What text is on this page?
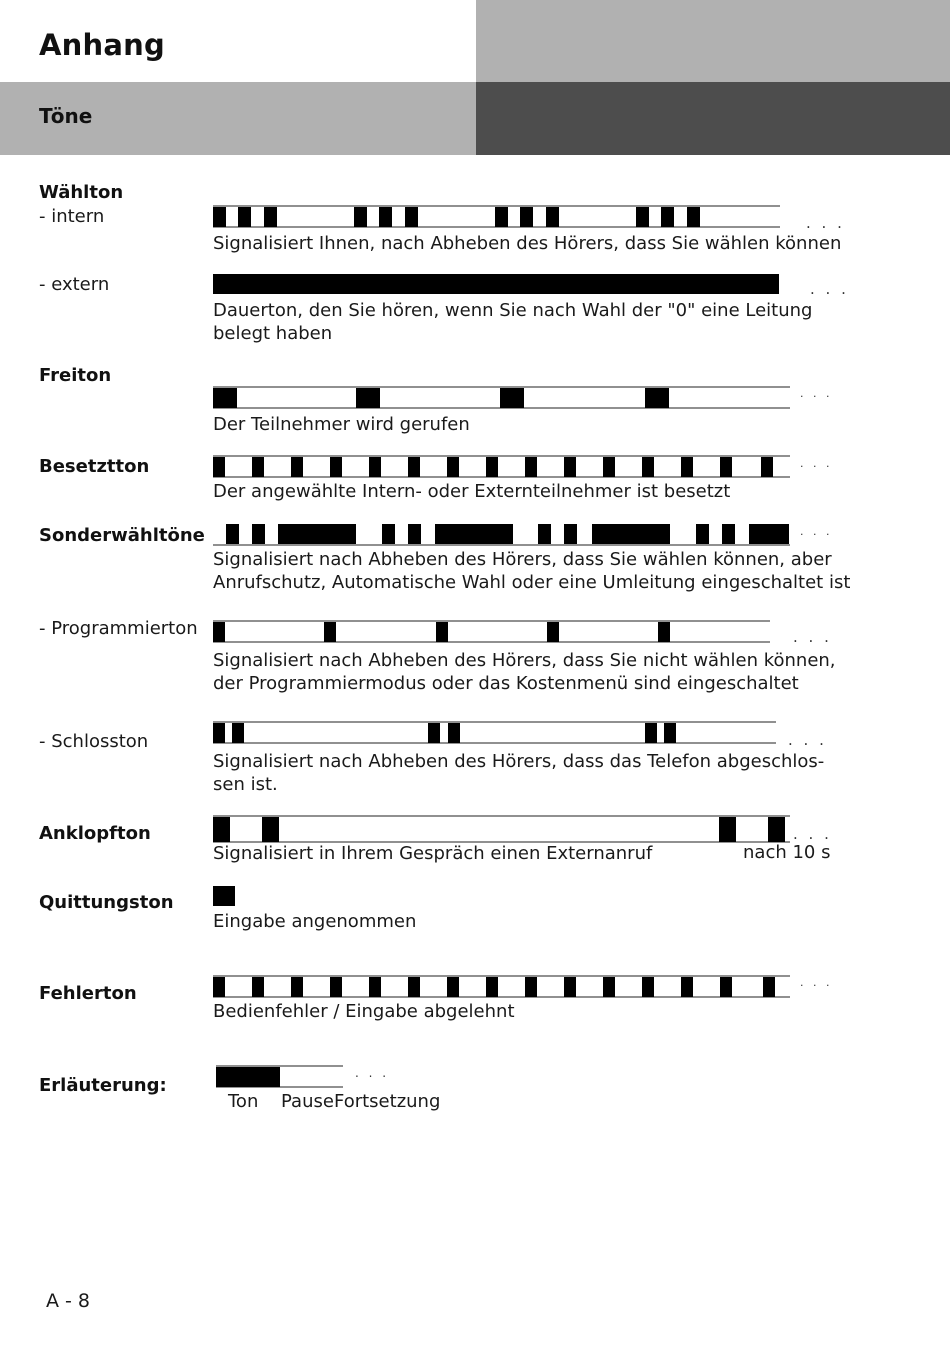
Anhang
Töne
Wählton
- intern
- extern
Freiton
Besetztton
Sonderwähltöne
- Programmierton
- Schlosston
Anklopfton
Quittungston
Fehlerton
Erläuterung:
Signalisiert Ihnen, nach Abheben des Hörers, dass Sie wählen können
Dauerton, den Sie hören, wenn Sie nach Wahl der "0" eine Leitung
belegt haben
Der Teilnehmer wird gerufen
Der angewählte Intern- oder Externteilnehmer ist besetzt
Signalisiert nach Abheben des Hörers, dass Sie wählen können, aber
Anrufschutz, Automatische Wahl oder eine Umleitung eingeschaltet ist
Signalisiert nach Abheben des Hörers, dass Sie nicht wählen können,
der Programmiermodus oder das Kostenmenü sind eingeschaltet
Signalisiert nach Abheben des Hörers, dass das Telefon abgeschlos-
sen ist.
Signalisiert in Ihrem Gespräch einen Externanruf	nach 10 s
Eingabe angenommen
Bedienfehler / Eingabe abgelehnt
Ton Pause Fortsetzung
. . .
. . .
. . .
. . .
. . .
. . .
. . .
. . .
. . .
. . .
A - 8
